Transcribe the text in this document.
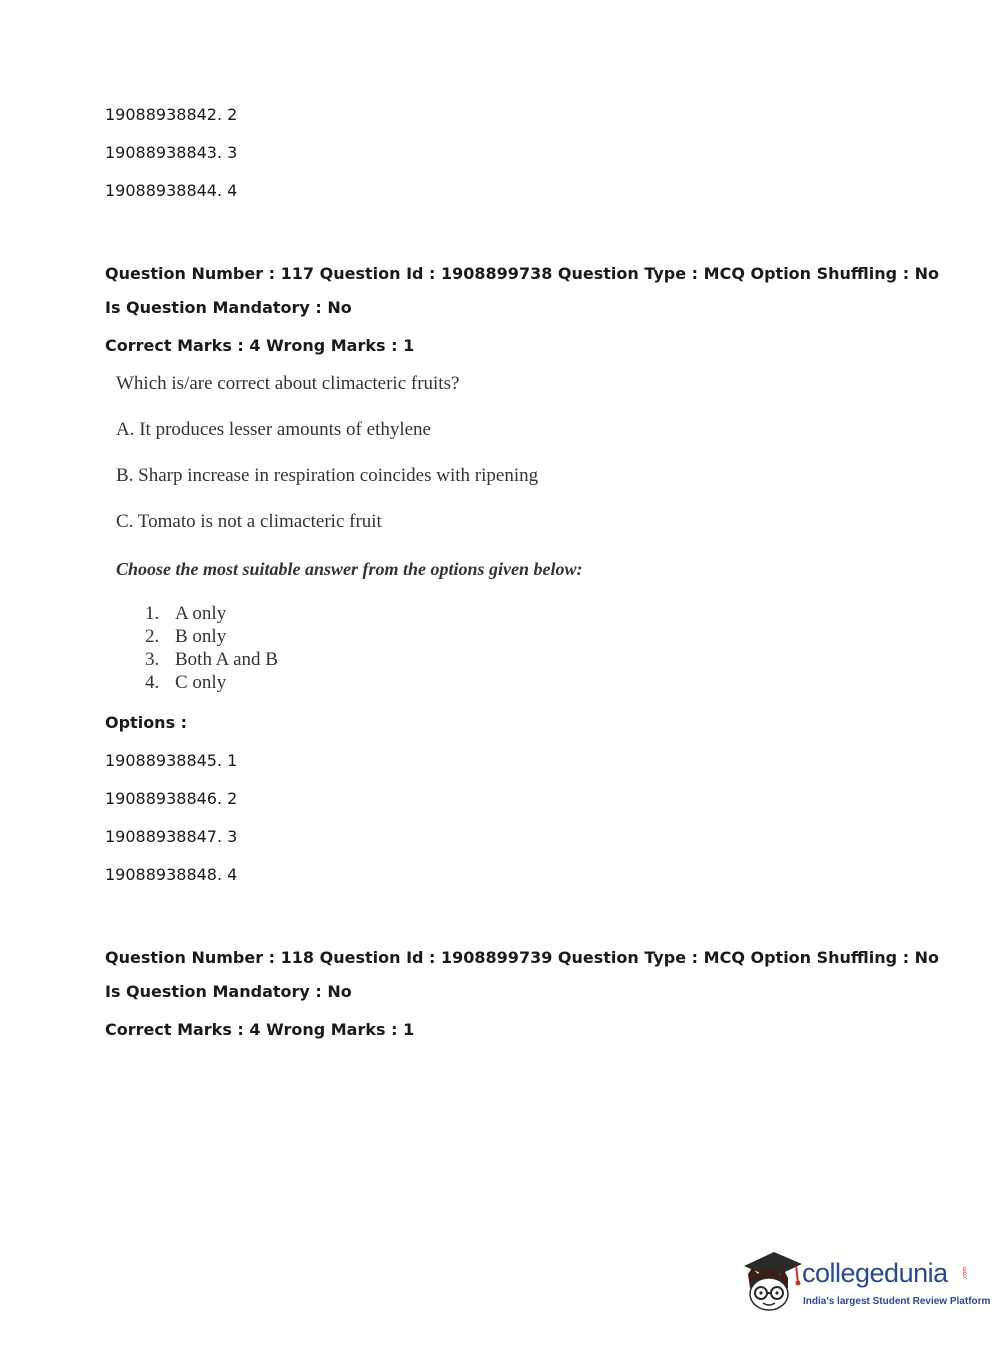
19088938842. 2
19088938843. 3
19088938844. 4
Question Number : 117 Question Id : 1908899738 Question Type : MCQ Option Shuffling : No
Is Question Mandatory : No
Correct Marks : 4 Wrong Marks : 1
Which is/are correct about climacteric fruits?
A. It produces lesser amounts of ethylene
B. Sharp increase in respiration coincides with ripening
C. Tomato is not a climacteric fruit
Choose the most suitable answer from the options given below:
1. A only
2. B only
3. Both A and B
4. C only
Options :
19088938845. 1
19088938846. 2
19088938847. 3
19088938848. 4
Question Number : 118 Question Id : 1908899739 Question Type : MCQ Option Shuffling : No
Is Question Mandatory : No
Correct Marks : 4 Wrong Marks : 1
collegedunia .com
India's largest Student Review Platform
